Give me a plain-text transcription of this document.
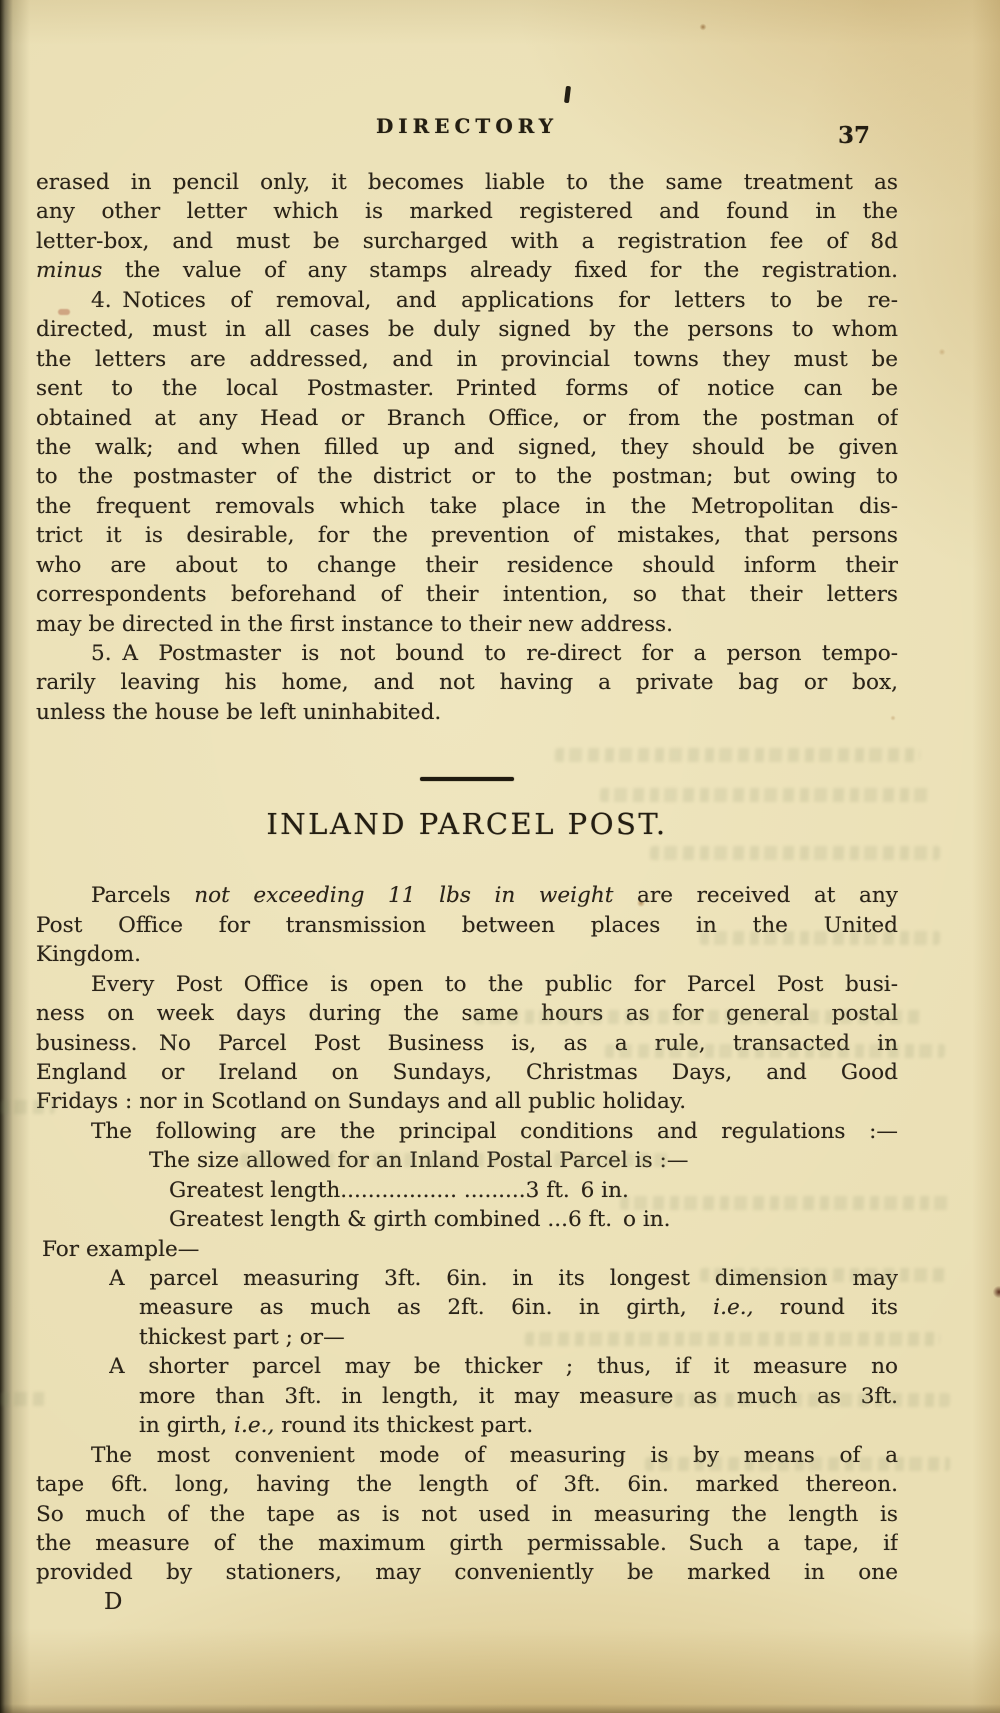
DIRECTORY	37
erased in pencil only, it becomes liable to the same treatment as
any other letter which is marked registered and found in the
letter-box, and must be surcharged with a registration fee of 8d
minus the value of any stamps already fixed for the registration.
4. Notices of removal, and applications for letters to be re-
directed, must in all cases be duly signed by the persons to whom
the letters are addressed, and in provincial towns they must be
sent to the local Postmaster.  Printed forms of notice can be
obtained at any Head or Branch Office, or from the postman of
the walk; and when filled up and signed, they should be given
to the postmaster of the district or to the postman; but owing to
the frequent removals which take place in the Metropolitan dis-
trict it is desirable, for the prevention of mistakes, that persons
who are about to change their residence should inform their
correspondents beforehand of their intention, so that their letters
may be directed in the first instance to their new address.
5. A Postmaster is not bound to re-direct for a person tempo-
rarily leaving his home, and not having a private bag or box,
unless the house be left uninhabited.
INLAND PARCEL POST.
Parcels not exceeding 11 lbs in weight are received at any
Post Office for transmission between places in the United
Kingdom.
Every Post Office is open to the public for Parcel Post busi-
ness on week days during the same hours as for general postal
business.  No Parcel Post Business is, as a rule, transacted in
England or Ireland on Sundays, Christmas Days, and Good
Fridays : nor in Scotland on Sundays and all public holiday.
The following are the principal conditions and regulations :—
The size allowed for an Inland Postal Parcel is :—
Greatest length................. .........3 ft. 6 in.
Greatest length & girth combined ...6 ft. o in.
For example—
A parcel measuring 3ft. 6in. in its longest dimension may
measure as much as 2ft. 6in. in girth, i.e., round its
thickest part ; or—
A shorter parcel may be thicker ; thus, if it measure no
more than 3ft. in length, it may measure as much as 3ft.
in girth, i.e., round its thickest part.
The most convenient mode of measuring is by means of a
tape 6ft. long, having the length of 3ft. 6in. marked thereon.
So much of the tape as is not used in measuring the length is
the measure of the maximum girth permissable.  Such a tape, if
provided by stationers, may conveniently be marked in one
D
